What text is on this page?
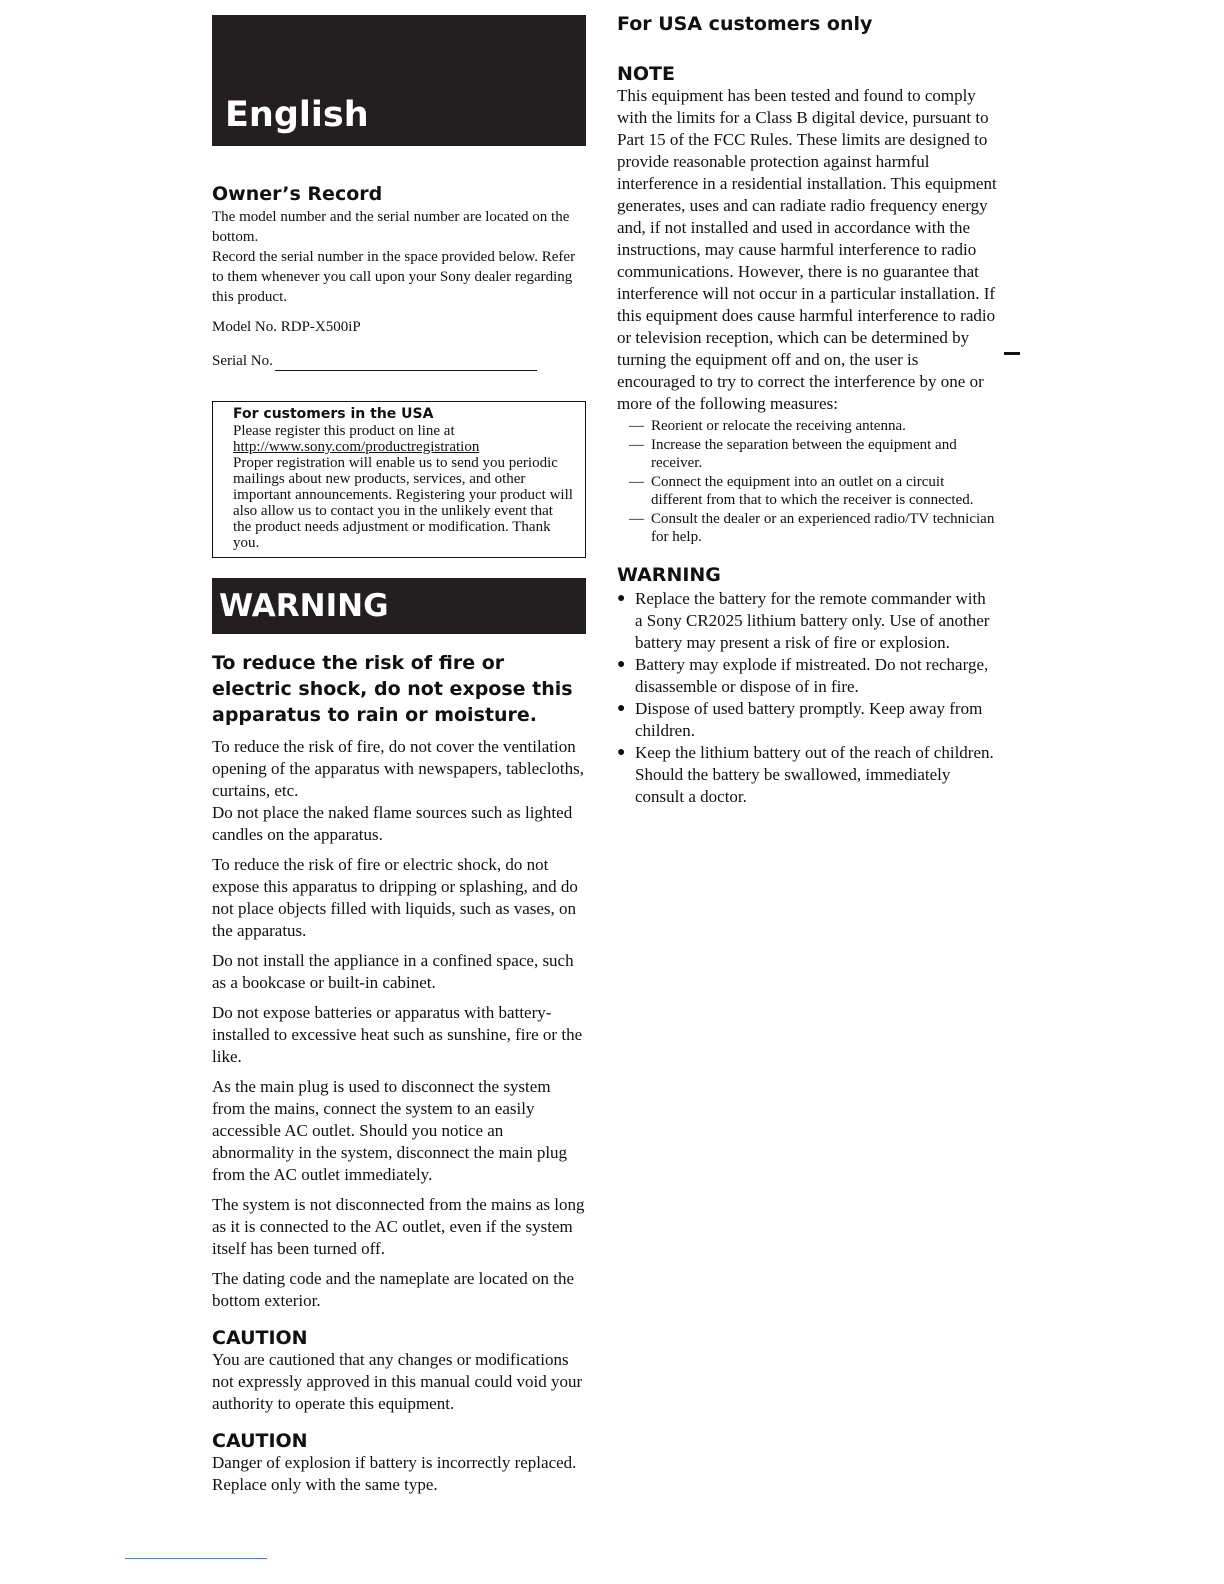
English
Owner’s Record

The model number and the serial number are located on the bottom.

Record the serial number in the space provided below. Refer to them whenever you call upon your Sony dealer regarding this product.

Model No. RDP-X500iP
Serial No.
For customers in the USA
Please register this product on line at
http://www.sony.com/productregistration
Proper registration will enable us to send you periodic mailings about new products, services, and other important announcements. Registering your product will also allow us to contact you in the unlikely event that the product needs adjustment or modification. Thank you.
WARNING
To reduce the risk of fire or electric shock, do not expose this apparatus to rain or moisture.

To reduce the risk of fire, do not cover the ventilation opening of the apparatus with newspapers, tablecloths, curtains, etc.

Do not place the naked flame sources such as lighted candles on the apparatus.

To reduce the risk of fire or electric shock, do not expose this apparatus to dripping or splashing, and do not place objects filled with liquids, such as vases, on the apparatus.

Do not install the appliance in a confined space, such as a bookcase or built-in cabinet.

Do not expose batteries or apparatus with battery-installed to excessive heat such as sunshine, fire or the like.

As the main plug is used to disconnect the system from the mains, connect the system to an easily accessible AC outlet. Should you notice an abnormality in the system, disconnect the main plug from the AC outlet immediately.

The system is not disconnected from the mains as long as it is connected to the AC outlet, even if the system itself has been turned off.

The dating code and the nameplate are located on the bottom exterior.

CAUTION
You are cautioned that any changes or modifications not expressly approved in this manual could void your authority to operate this equipment.
CAUTION
Danger of explosion if battery is incorrectly replaced. Replace only with the same type.
For USA customers only
NOTE
This equipment has been tested and found to comply with the limits for a Class B digital device, pursuant to Part 15 of the FCC Rules. These limits are designed to provide reasonable protection against harmful interference in a residential installation. This equipment generates, uses and can radiate radio frequency energy and, if not installed and used in accordance with the instructions, may cause harmful interference to radio communications. However, there is no guarantee that interference will not occur in a particular installation. If this equipment does cause harmful interference to radio or television reception, which can be determined by turning the equipment off and on, the user is encouraged to try to correct the interference by one or more of the following measures:
— Reorient or relocate the receiving antenna.
— Increase the separation between the equipment and receiver.
— Connect the equipment into an outlet on a circuit different from that to which the receiver is connected.
— Consult the dealer or an experienced radio/TV technician for help.
WARNING
● Replace the battery for the remote commander with a Sony CR2025 lithium battery only. Use of another battery may present a risk of fire or explosion.
● Battery may explode if mistreated. Do not recharge, disassemble or dispose of in fire.
● Dispose of used battery promptly. Keep away from children.
● Keep the lithium battery out of the reach of children. Should the battery be swallowed, immediately consult a doctor.
